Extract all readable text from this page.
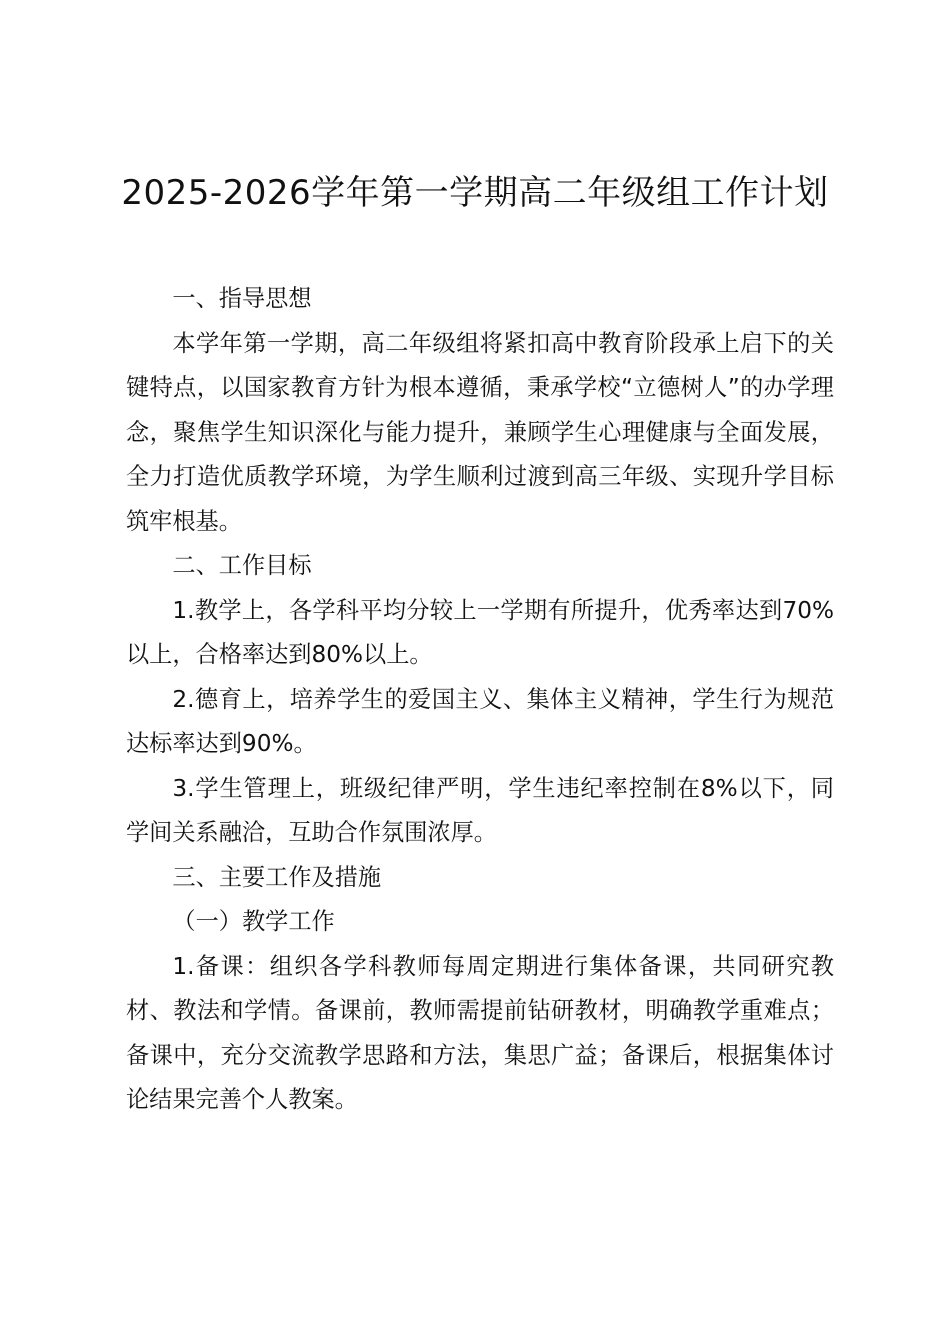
2025-2026学年第一学期高二年级组工作计划

一、指导思想

本学年第一学期，高二年级组将紧扣高中教育阶段承上启下的关键特点，以国家教育方针为根本遵循，秉承学校“立德树人”的办学理念，聚焦学生知识深化与能力提升，兼顾学生心理健康与全面发展，全力打造优质教学环境，为学生顺利过渡到高三年级、实现升学目标筑牢根基。

二、工作目标

1.教学上，各学科平均分较上一学期有所提升，优秀率达到70%以上，合格率达到80%以上。

2.德育上，培养学生的爱国主义、集体主义精神，学生行为规范达标率达到90%。

3.学生管理上，班级纪律严明，学生违纪率控制在8%以下，同学间关系融洽，互助合作氛围浓厚。

三、主要工作及措施

（一）教学工作

1.备课：组织各学科教师每周定期进行集体备课，共同研究教材、教法和学情。备课前，教师需提前钻研教材，明确教学重难点；备课中，充分交流教学思路和方法，集思广益；备课后，根据集体讨论结果完善个人教案。
